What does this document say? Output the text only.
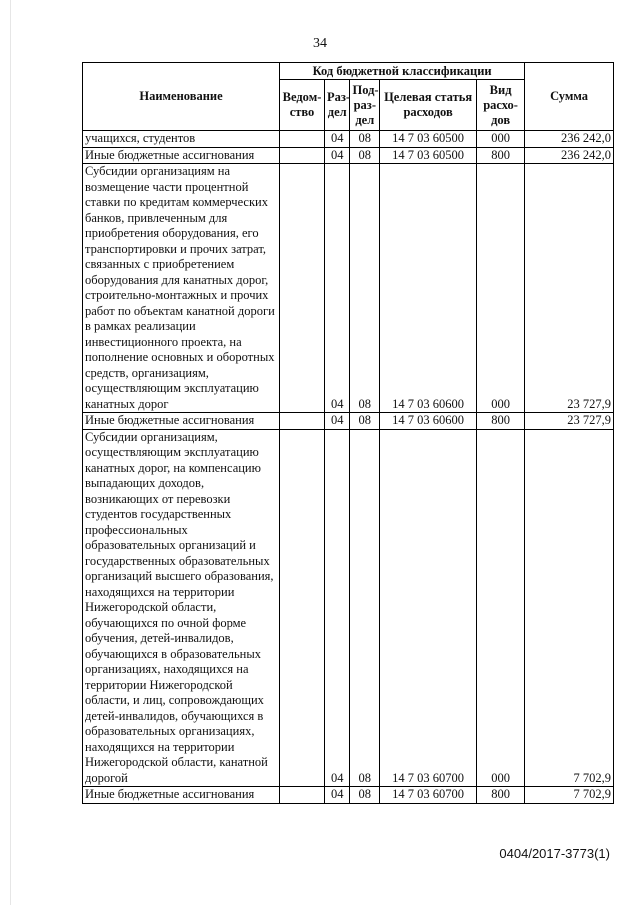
34
Наименование	Код бюджетной классификации					Сумма
	Ведом-ство	Раз-дел	Под-раз-дел	Целевая статья расходов	Вид расхо-дов	
учащихся, студентов		04	08	14 7 03 60500	000	236 242,0
Иные бюджетные ассигнования		04	08	14 7 03 60500	800	236 242,0
Субсидии организациям на возмещение части процентной ставки по кредитам коммерческих банков, привлеченным для приобретения оборудования, его транспортировки и прочих затрат, связанных с приобретением оборудования для канатных дорог, строительно-монтажных и прочих работ по объектам канатной дороги в рамках реализации инвестиционного проекта, на пополнение основных и оборотных средств, организациям, осуществляющим эксплуатацию канатных дорог		04	08	14 7 03 60600	000	23 727,9
Иные бюджетные ассигнования		04	08	14 7 03 60600	800	23 727,9
Субсидии организациям, осуществляющим эксплуатацию канатных дорог, на компенсацию выпадающих доходов, возникающих от перевозки студентов государственных профессиональных образовательных организаций и государственных образовательных организаций высшего образования, находящихся на территории Нижегородской области, обучающихся по очной форме обучения, детей-инвалидов, обучающихся в образовательных организациях, находящихся на территории Нижегородской области, и лиц, сопровождающих детей-инвалидов, обучающихся в образовательных организациях, находящихся на территории Нижегородской области, канатной дорогой		04	08	14 7 03 60700	000	7 702,9
Иные бюджетные ассигнования		04	08	14 7 03 60700	800	7 702,9
0404/2017-3773(1)
